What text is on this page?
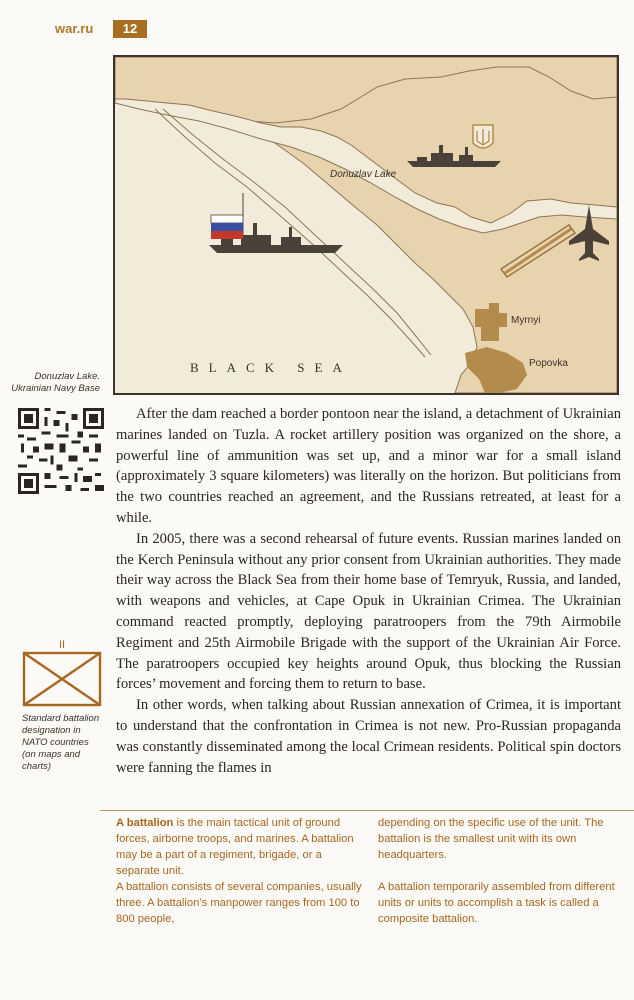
war.ru	12
Donuzlav Lake
Myrnyi
Popovka
BLACK SEA
Donuzlav Lake. Ukrainian Navy Base

After the dam reached a border pontoon near the island, a detachment of Ukrainian marines landed on Tuzla. A rocket artillery position was organized on the shore, a powerful line of ammunition was set up, and a minor war for a small island (approximately 3 square kilometers) was literally on the horizon. But politicians from the two countries reached an agreement, and the Russians retreated, at least for a while.

In 2005, there was a second rehearsal of future events. Russian marines landed on the Kerch Peninsula without any prior consent from Ukrainian authorities. They made their way across the Black Sea from their home base of Temryuk, Russia, and landed, with weapons and vehicles, at Cape Opuk in Ukrainian Crimea. The Ukrainian command reacted promptly, deploying paratroopers from the 79th Airmobile Regiment and 25th Airmobile Brigade with the support of the Ukrainian Air Force. The paratroopers occupied key heights around Opuk, thus blocking the Russian forces’ movement and forcing them to return to base.

In other words, when talking about Russian annexation of Crimea, it is important to understand that the confrontation in Crimea is not new. Pro-Russian propaganda was constantly disseminated among the local Crimean residents. Political spin doctors were fanning the flames in

II
Standard battalion designation in NATO countries (on maps and charts)

A battalion is the main tactical unit of ground forces, airborne troops, and marines. A battalion may be a part of a regiment, brigade, or a separate unit.

A battalion consists of several companies, usually three. A battalion’s manpower ranges from 100 to 800 people,

depending on the specific use of the unit. The battalion is the smallest unit with its own headquarters.

A battalion temporarily assembled from different units or units to accomplish a task is called a composite battalion.
